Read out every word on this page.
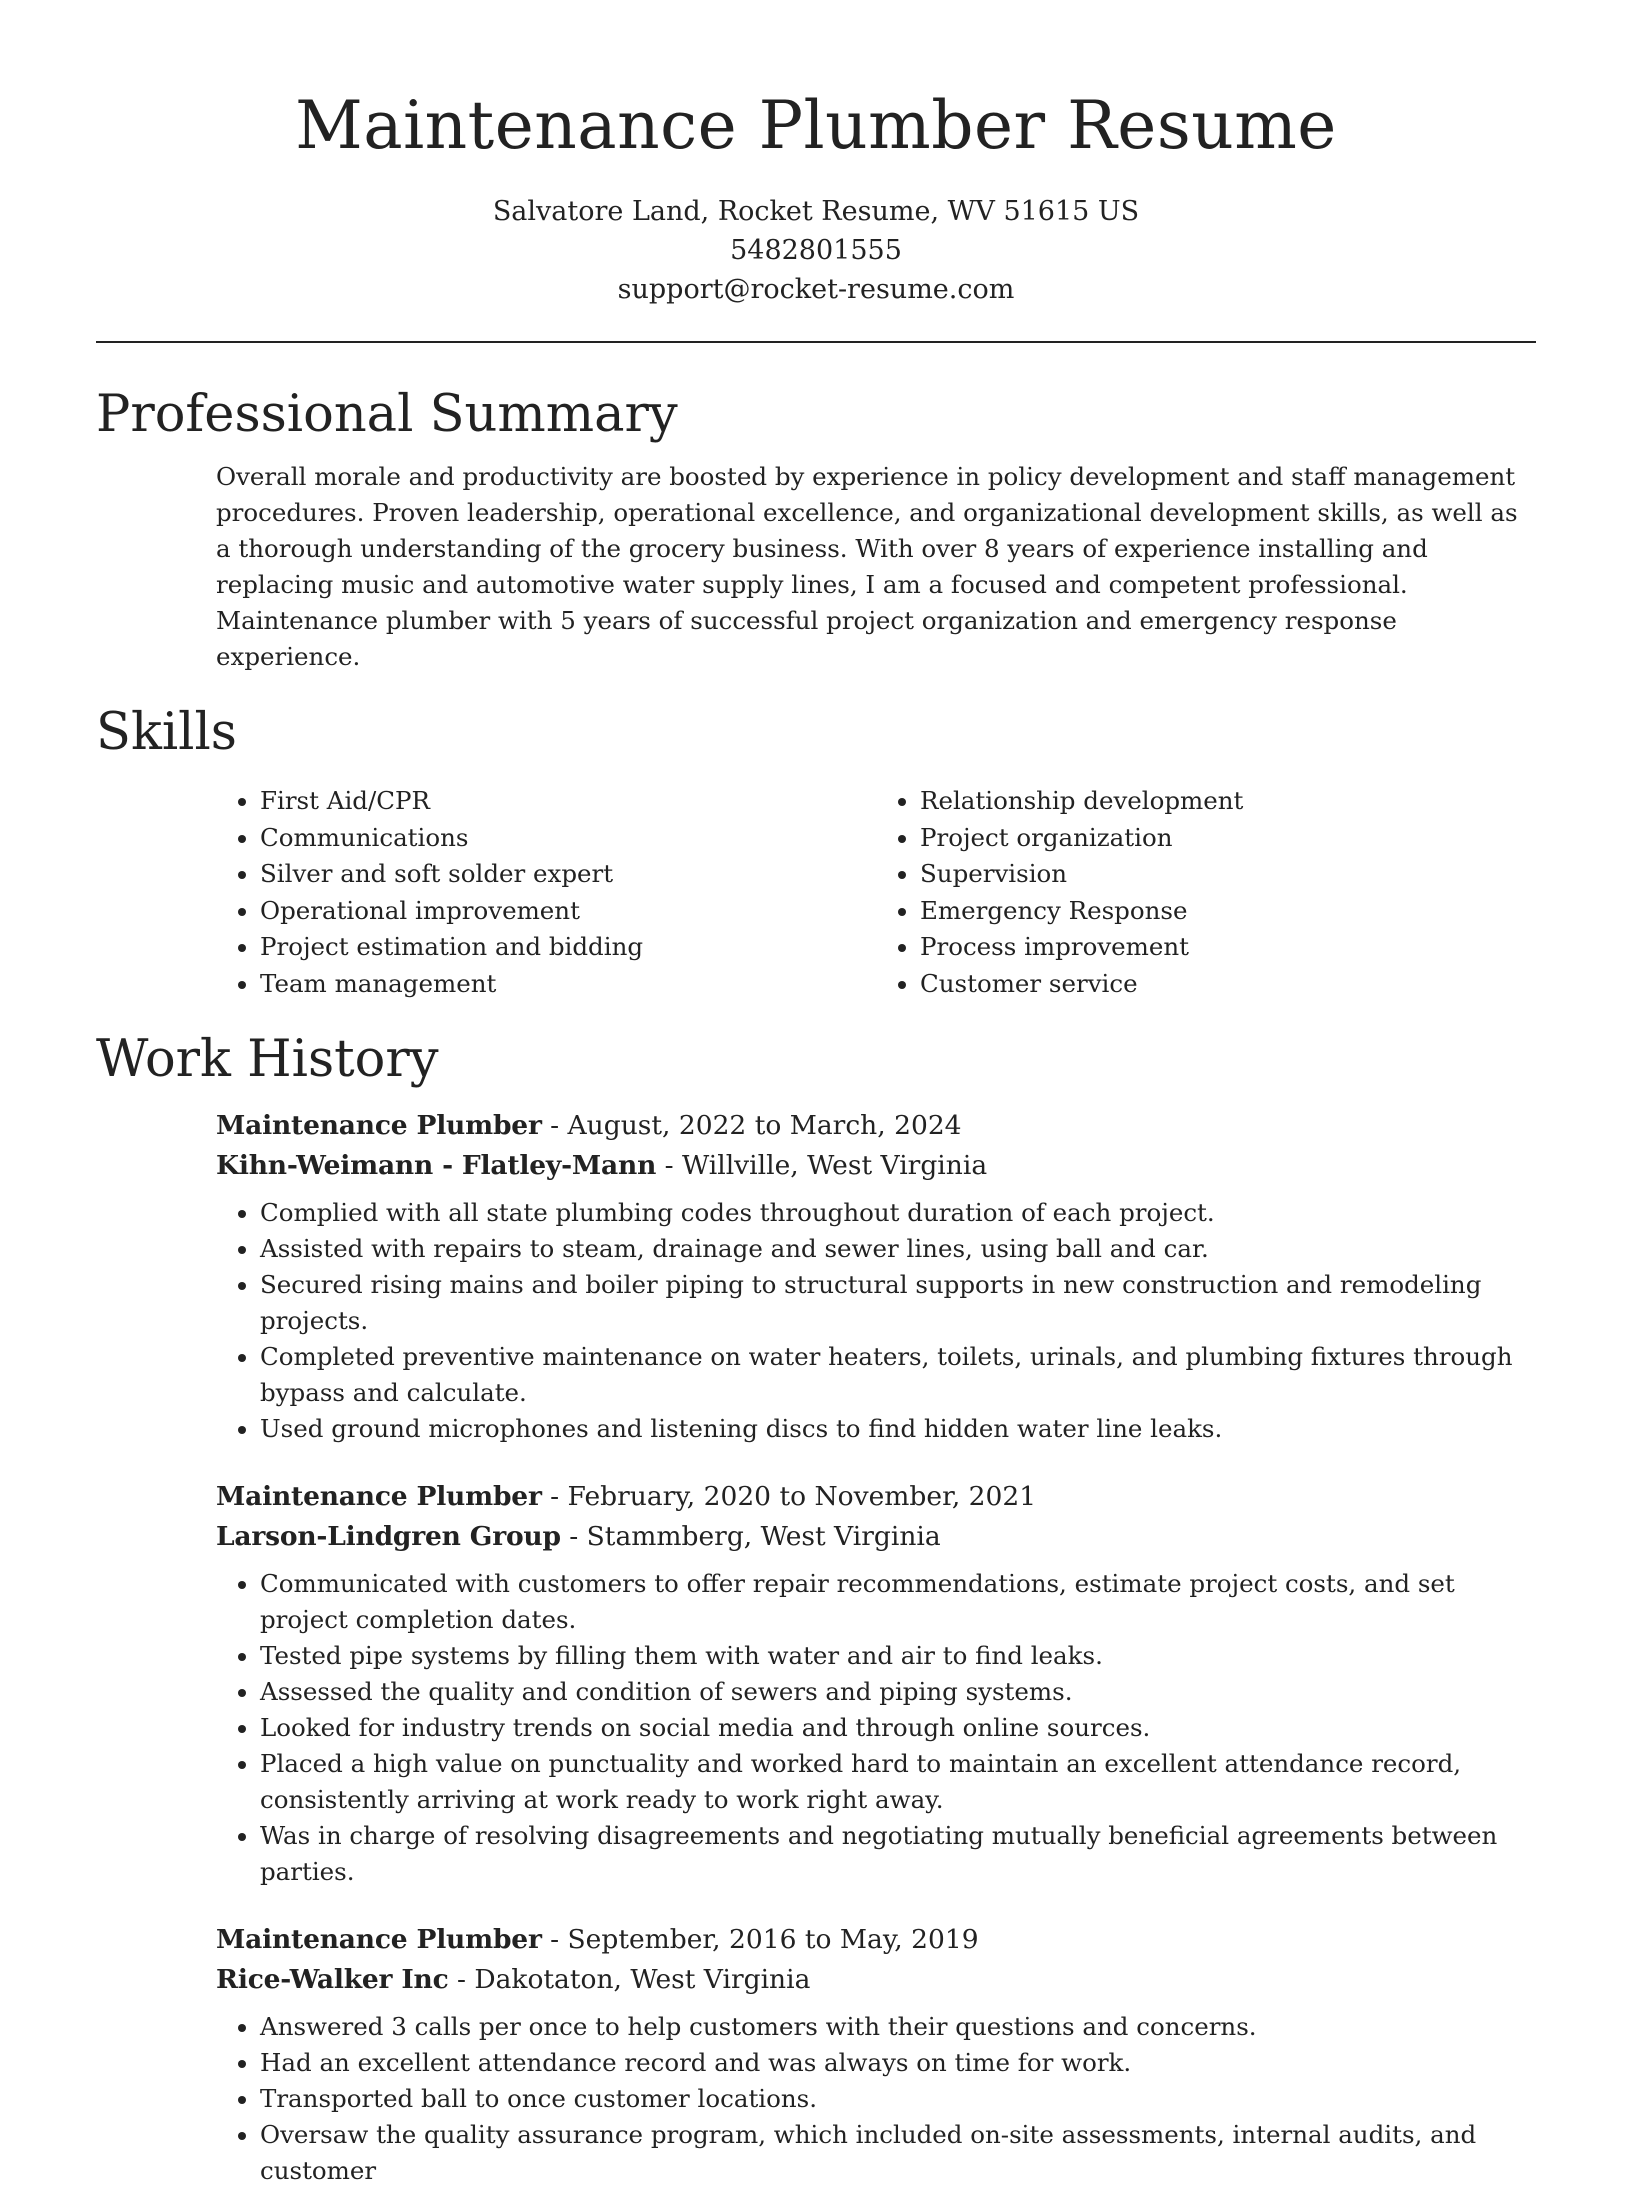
Maintenance Plumber Resume
Salvatore Land, Rocket Resume, WV 51615 US
5482801555
support@rocket-resume.com
Professional Summary

Overall morale and productivity are boosted by experience in policy development and staff management procedures. Proven leadership, operational excellence, and organizational development skills, as well as a thorough understanding of the grocery business. With over 8 years of experience installing and replacing music and automotive water supply lines, I am a focused and competent professional. Maintenance plumber with 5 years of successful project organization and emergency response experience.

Skills
• First Aid/CPR
• Communications
• Silver and soft solder expert
• Operational improvement
• Project estimation and bidding
• Team management
• Relationship development
• Project organization
• Supervision
• Emergency Response
• Process improvement
• Customer service
Work History
Maintenance Plumber - August, 2022 to March, 2024
Kihn-Weimann - Flatley-Mann - Willville, West Virginia
• Complied with all state plumbing codes throughout duration of each project.
• Assisted with repairs to steam, drainage and sewer lines, using ball and car.
• Secured rising mains and boiler piping to structural supports in new construction and remodeling projects.
• Completed preventive maintenance on water heaters, toilets, urinals, and plumbing fixtures through bypass and calculate.
• Used ground microphones and listening discs to find hidden water line leaks.
Maintenance Plumber - February, 2020 to November, 2021
Larson-Lindgren Group - Stammberg, West Virginia
• Communicated with customers to offer repair recommendations, estimate project costs, and set project completion dates.
• Tested pipe systems by filling them with water and air to find leaks.
• Assessed the quality and condition of sewers and piping systems.
• Looked for industry trends on social media and through online sources.
• Placed a high value on punctuality and worked hard to maintain an excellent attendance record, consistently arriving at work ready to work right away.
• Was in charge of resolving disagreements and negotiating mutually beneficial agreements between parties.
Maintenance Plumber - September, 2016 to May, 2019
Rice-Walker Inc - Dakotaton, West Virginia
• Answered 3 calls per once to help customers with their questions and concerns.
• Had an excellent attendance record and was always on time for work.
• Transported ball to once customer locations.
• Oversaw the quality assurance program, which included on-site assessments, internal audits, and customer
